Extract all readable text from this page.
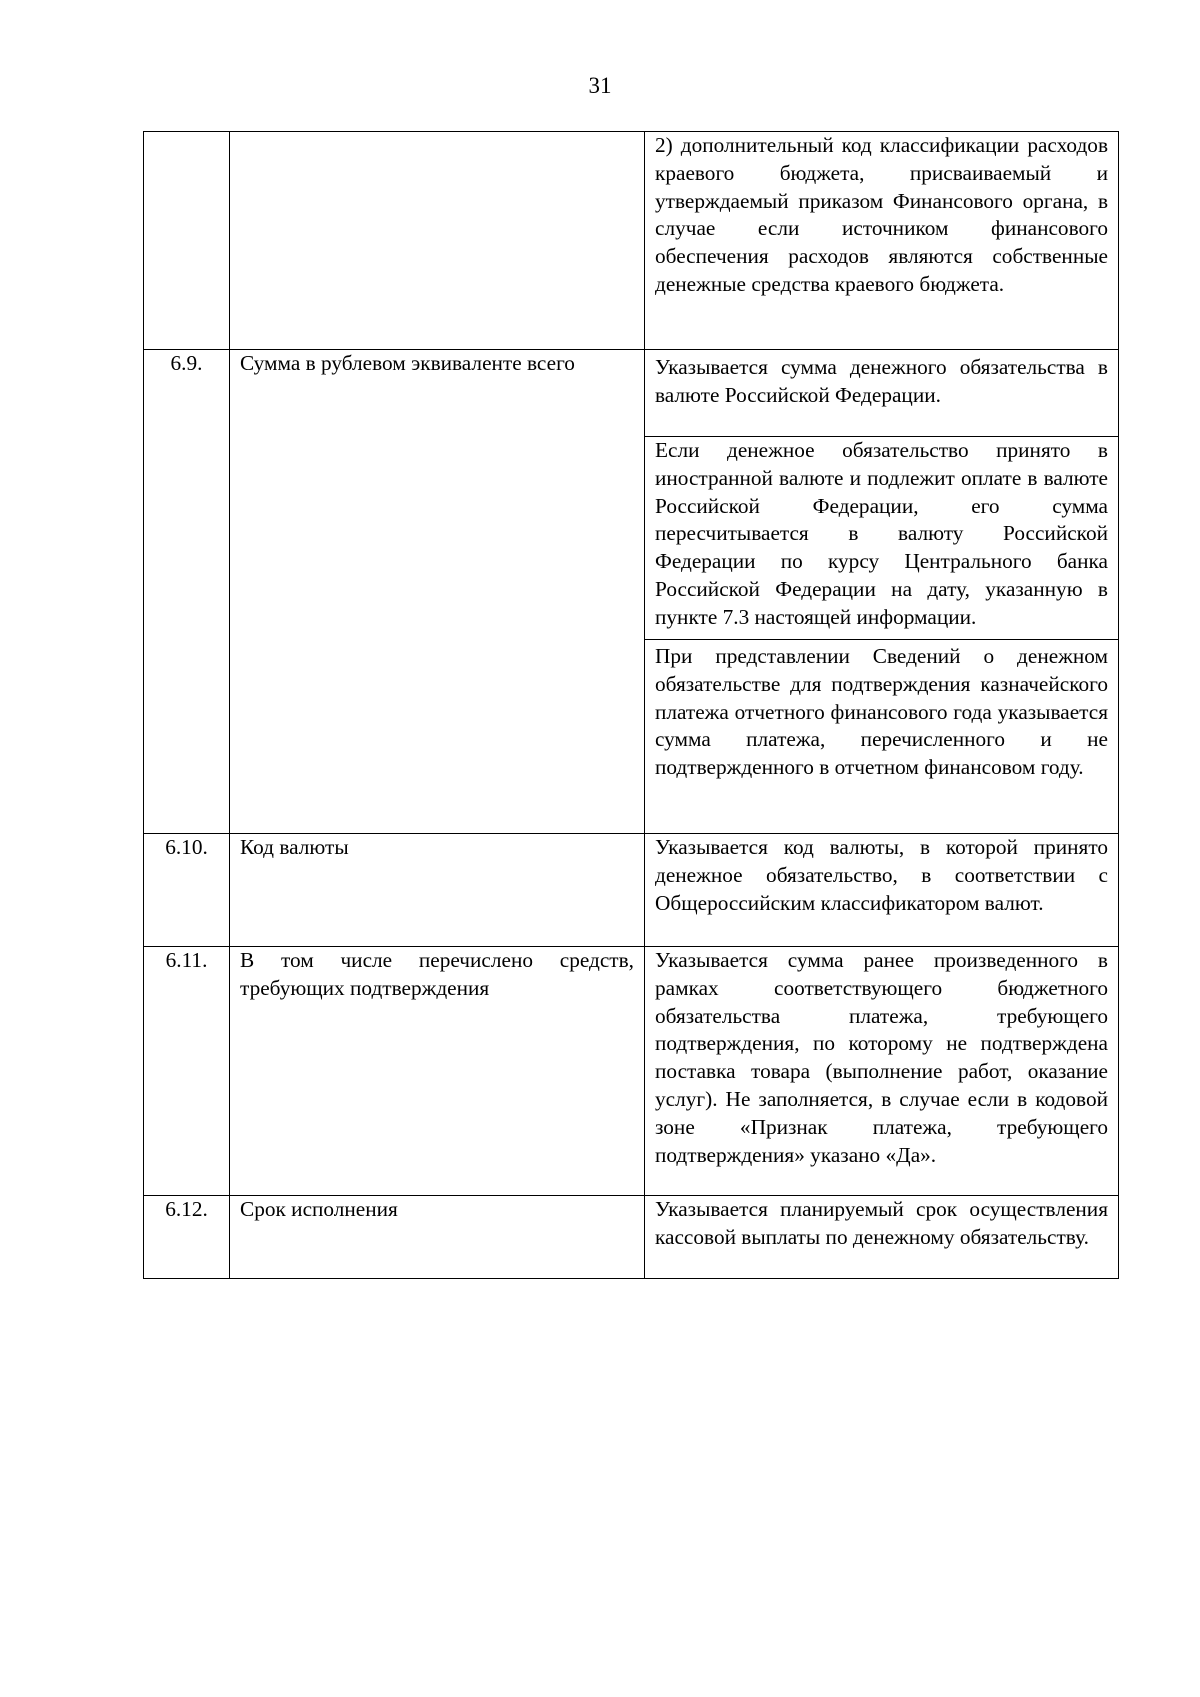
31
		2) дополнительный код классификации расходов краевого бюджета, присваиваемый и утверждаемый приказом Финансового органа, в случае если источником финансового обеспечения расходов являются собственные денежные средства краевого бюджета.
6.9.	Сумма в рублевом эквиваленте всего	Указывается сумма денежного обязательства в валюте Российской Федерации.
		Если денежное обязательство принято в иностранной валюте и подлежит оплате в валюте Российской Федерации, его сумма пересчитывается в валюту Российской Федерации по курсу Центрального банка Российской Федерации на дату, указанную в пункте 7.3 настоящей информации.
		При представлении Сведений о денежном обязательстве для подтверждения казначейского платежа отчетного финансового года указывается сумма платежа, перечисленного и не подтвержденного в отчетном финансовом году.
6.10.	Код валюты	Указывается код валюты, в которой принято денежное обязательство, в соответствии с Общероссийским классификатором валют.
6.11.	В том числе перечислено средств, требующих подтверждения	Указывается сумма ранее произведенного в рамках соответствующего бюджетного обязательства платежа, требующего подтверждения, по которому не подтверждена поставка товара (выполнение работ, оказание услуг). Не заполняется, в случае если в кодовой зоне «Признак платежа, требующего подтверждения» указано «Да».
6.12.	Срок исполнения	Указывается планируемый срок осуществления кассовой выплаты по денежному обязательству.
